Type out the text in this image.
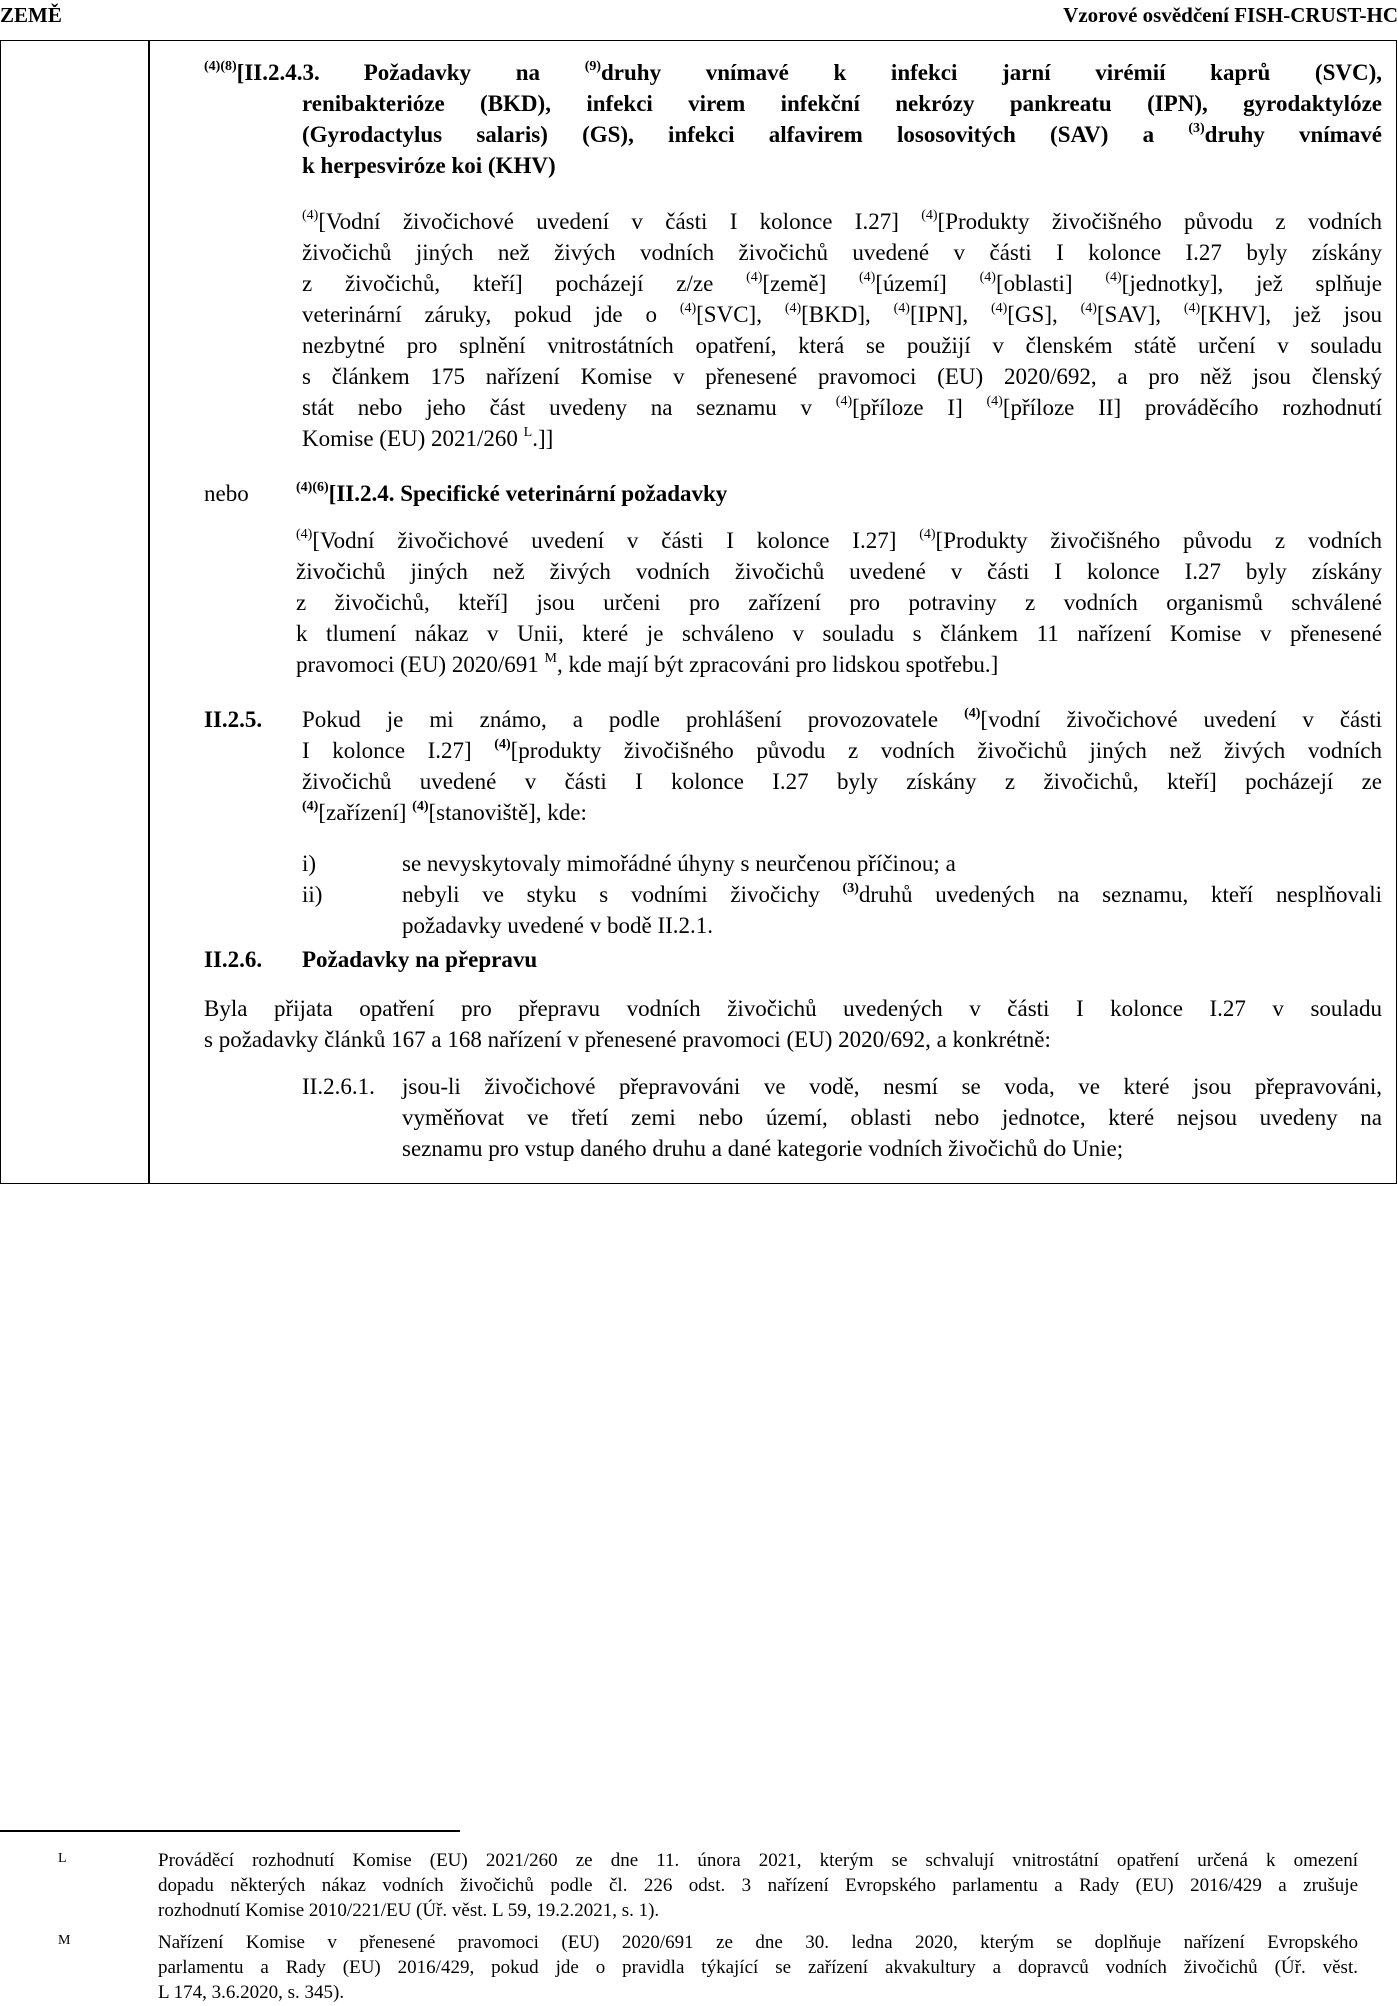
ZEMĚ	Vzorové osvědčení FISH-CRUST-HC
$^{(4)(8)}$[II.2.4.3. Požadavky na $^{(9)}$druhy vnímavé k infekci jarní virémií kaprů (SVC),
renibakterióze (BKD), infekci virem infekční nekrózy pankreatu (IPN), gyrodaktylóze
(Gyrodactylus salaris) (GS), infekci alfavirem lososovitých (SAV) a $^{(3)}$druhy vnímavé
k herpesviróze koi (KHV)
$^{(4)}$[Vodní živočichové uvedení v části I kolonce I.27] $^{(4)}$[Produkty živočišného původu z vodních
živočichů jiných než živých vodních živočichů uvedené v části I kolonce I.27 byly získány
z živočichů, kteří] pocházejí z/ze $^{(4)}$[země] $^{(4)}$[území] $^{(4)}$[oblasti] $^{(4)}$[jednotky], jež splňuje
veterinární záruky, pokud jde o $^{(4)}$[SVC], $^{(4)}$[BKD], $^{(4)}$[IPN], $^{(4)}$[GS], $^{(4)}$[SAV], $^{(4)}$[KHV], jež jsou
nezbytné pro splnění vnitrostátních opatření, která se použijí v členském státě určení v souladu
s článkem 175 nařízení Komise v přenesené pravomoci (EU) 2020/692, a pro něž jsou členský
stát nebo jeho část uvedeny na seznamu v $^{(4)}$[příloze I] $^{(4)}$[příloze II] prováděcího rozhodnutí
Komise (EU) 2021/260 $^L$.]]
nebo	$^{(4)(6)}$[II.2.4. Specifické veterinární požadavky
$^{(4)}$[Vodní živočichové uvedení v části I kolonce I.27] $^{(4)}$[Produkty živočišného původu z vodních
živočichů jiných než živých vodních živočichů uvedené v části I kolonce I.27 byly získány
z živočichů, kteří] jsou určeni pro zařízení pro potraviny z vodních organismů schválené
k tlumení nákaz v Unii, které je schváleno v souladu s článkem 11 nařízení Komise v přenesené
pravomoci (EU) 2020/691 $^M$, kde mají být zpracováni pro lidskou spotřebu.]
II.2.5. Pokud je mi známo, a podle prohlášení provozovatele $^{(4)}$[vodní živočichové uvedení v části
I kolonce I.27] $^{(4)}$[produkty živočišného původu z vodních živočichů jiných než živých vodních
živočichů uvedené v části I kolonce I.27 byly získány z živočichů, kteří] pocházejí ze
$^{(4)}$[zařízení] $^{(4)}$[stanoviště], kde:
i)	se nevyskytovaly mimořádné úhyny s neurčenou příčinou; a
ii)	nebyli ve styku s vodními živočichy $^{(3)}$druhů uvedených na seznamu, kteří nesplňovali
požadavky uvedené v bodě II.2.1.
II.2.6. Požadavky na přepravu
Byla přijata opatření pro přepravu vodních živočichů uvedených v části I kolonce I.27 v souladu
s požadavky článků 167 a 168 nařízení v přenesené pravomoci (EU) 2020/692, a konkrétně:
II.2.6.1. jsou-li živočichové přepravováni ve vodě, nesmí se voda, ve které jsou přepravováni,
vyměňovat ve třetí zemi nebo území, oblasti nebo jednotce, které nejsou uvedeny na
seznamu pro vstup daného druhu a dané kategorie vodních živočichů do Unie;
L	Prováděcí rozhodnutí Komise (EU) 2021/260 ze dne 11. února 2021, kterým se schvalují vnitrostátní opatření určená k omezení
dopadu některých nákaz vodních živočichů podle čl. 226 odst. 3 nařízení Evropského parlamentu a Rady (EU) 2016/429 a zrušuje
rozhodnutí Komise 2010/221/EU (Úř. věst. L 59, 19.2.2021, s. 1).
M	Nařízení Komise v přenesené pravomoci (EU) 2020/691 ze dne 30. ledna 2020, kterým se doplňuje nařízení Evropského
parlamentu a Rady (EU) 2016/429, pokud jde o pravidla týkající se zařízení akvakultury a dopravců vodních živočichů (Úř. věst.
L 174, 3.6.2020, s. 345).
